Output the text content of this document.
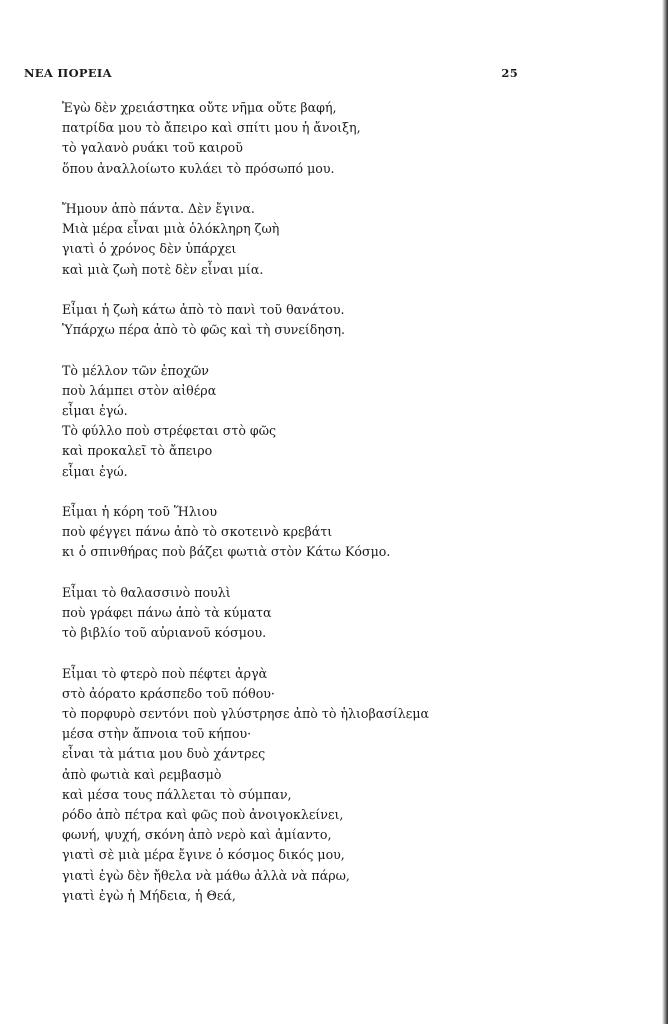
ΝΕΑ ΠΟΡΕΙΑ	25
Ἐγὼ δὲν χρειάστηκα οὔτε νῆμα οὔτε βαφή,
πατρίδα μου τὸ ἄπειρο καὶ σπίτι μου ἡ ἄνοιξη,
τὸ γαλανὸ ρυάκι τοῦ καιροῦ
ὅπου ἀναλλοίωτο κυλάει τὸ πρόσωπό μου.
Ἤμουν ἀπὸ πάντα. Δὲν ἔγινα.
Μιὰ μέρα εἶναι μιὰ ὁλόκληρη ζωὴ
γιατὶ ὁ χρόνος δὲν ὑπάρχει
καὶ μιὰ ζωὴ ποτὲ δὲν εἶναι μία.
Εἶμαι ἡ ζωὴ κάτω ἀπὸ τὸ πανὶ τοῦ θανάτου.
Ὑπάρχω πέρα ἀπὸ τὸ φῶς καὶ τὴ συνείδηση.
Τὸ μέλλον τῶν ἐποχῶν
ποὺ λάμπει στὸν αἰθέρα
εἶμαι ἐγώ.
Τὸ φύλλο ποὺ στρέφεται στὸ φῶς
καὶ προκαλεῖ τὸ ἄπειρο
εἶμαι ἐγώ.
Εἶμαι ἡ κόρη τοῦ Ἥλιου
ποὺ φέγγει πάνω ἀπὸ τὸ σκοτεινὸ κρεβάτι
κι ὁ σπινθήρας ποὺ βάζει φωτιὰ στὸν Κάτω Κόσμο.
Εἶμαι τὸ θαλασσινὸ πουλὶ
ποὺ γράφει πάνω ἀπὸ τὰ κύματα
τὸ βιβλίο τοῦ αὐριανοῦ κόσμου.
Εἶμαι τὸ φτερὸ ποὺ πέφτει ἀργὰ
στὸ ἀόρατο κράσπεδο τοῦ πόθου·
τὸ πορφυρὸ σεντόνι ποὺ γλύστρησε ἀπὸ τὸ ἡλιοβασίλεμα
μέσα στὴν ἄπνοια τοῦ κήπου·
εἶναι τὰ μάτια μου δυὸ χάντρες
ἀπὸ φωτιὰ καὶ ρεμβασμὸ
καὶ μέσα τους πάλλεται τὸ σύμπαν,
ρόδο ἀπὸ πέτρα καὶ φῶς ποὺ ἀνοιγοκλείνει,
φωνή, ψυχή, σκόνη ἀπὸ νερὸ καὶ ἀμίαντο,
γιατὶ σὲ μιὰ μέρα ἔγινε ὁ κόσμος δικός μου,
γιατὶ ἐγὼ δὲν ἤθελα νὰ μάθω ἀλλὰ νὰ πάρω,
γιατὶ ἐγὼ ἡ Μήδεια, ἡ Θεά,
